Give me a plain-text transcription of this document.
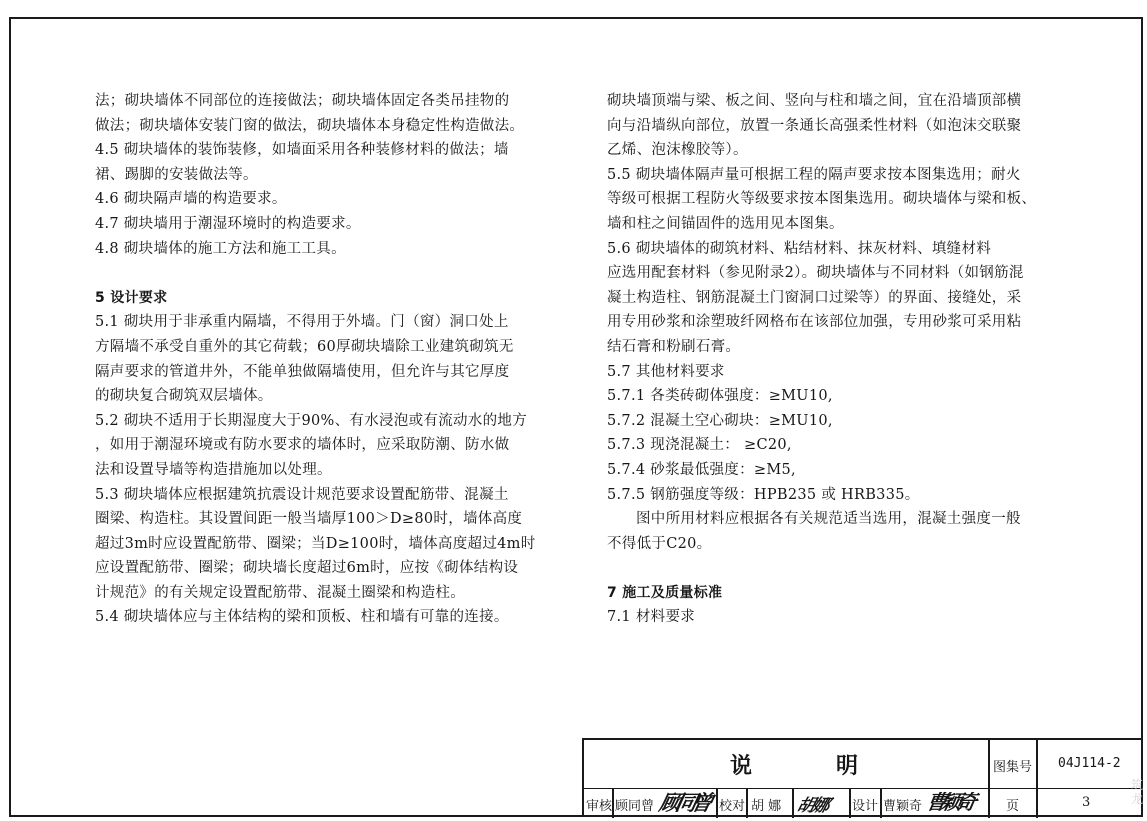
法；砌块墙体不同部位的连接做法；砌块墙体固定各类吊挂物的
做法；砌块墙体安装门窗的做法，砌块墙体本身稳定性构造做法。
4.5 砌块墙体的装饰装修，如墙面采用各种装修材料的做法；墙
裙、踢脚的安装做法等。
4.6 砌块隔声墙的构造要求。
4.7 砌块墙用于潮湿环境时的构造要求。
4.8 砌块墙体的施工方法和施工工具。
5 设计要求
5.1 砌块用于非承重内隔墙，不得用于外墙。门（窗）洞口处上
方隔墙不承受自重外的其它荷载；60厚砌块墙除工业建筑砌筑无
隔声要求的管道井外，不能单独做隔墙使用，但允许与其它厚度
的砌块复合砌筑双层墙体。
5.2 砌块不适用于长期湿度大于90%、有水浸泡或有流动水的地方
，如用于潮湿环境或有防水要求的墙体时，应采取防潮、防水做
法和设置导墙等构造措施加以处理。
5.3 砌块墙体应根据建筑抗震设计规范要求设置配筋带、混凝土
圈梁、构造柱。其设置间距一般当墙厚100＞D≥80时，墙体高度
超过3m时应设置配筋带、圈梁；当D≥100时，墙体高度超过4m时
应设置配筋带、圈梁；砌块墙长度超过6m时，应按《砌体结构设
计规范》的有关规定设置配筋带、混凝土圈梁和构造柱。
5.4 砌块墙体应与主体结构的梁和顶板、柱和墙有可靠的连接。
砌块墙顶端与梁、板之间、竖向与柱和墙之间，宜在沿墙顶部横
向与沿墙纵向部位，放置一条通长高强柔性材料（如泡沫交联聚
乙烯、泡沫橡胶等）。
5.5 砌块墙体隔声量可根据工程的隔声要求按本图集选用；耐火
等级可根据工程防火等级要求按本图集选用。砌块墙体与梁和板、
墙和柱之间锚固件的选用见本图集。
5.6 砌块墙体的砌筑材料、粘结材料、抹灰材料、填缝材料
应选用配套材料（参见附录2）。砌块墙体与不同材料（如钢筋混
凝土构造柱、钢筋混凝土门窗洞口过梁等）的界面、接缝处，采
用专用砂浆和涂塑玻纤网格布在该部位加强，专用砂浆可采用粘
结石膏和粉刷石膏。
5.7 其他材料要求
5.7.1 各类砖砌体强度：≥MU10,
5.7.2 混凝土空心砌块：≥MU10,
5.7.3 现浇混凝土： ≥C20,
5.7.4 砂浆最低强度：≥M5,
5.7.5 钢筋强度等级：HPB235 或 HRB335。
图中所用材料应根据各有关规范适当选用，混凝土强度一般
不得低于C20。
7 施工及质量标准
7.1 材料要求
说	明	图集号 04J114-2
审核 顾同曾 顾同曾 校对 胡 娜 胡娜 设计 曹颖奇 曹颖奇 页	3
筑龙
